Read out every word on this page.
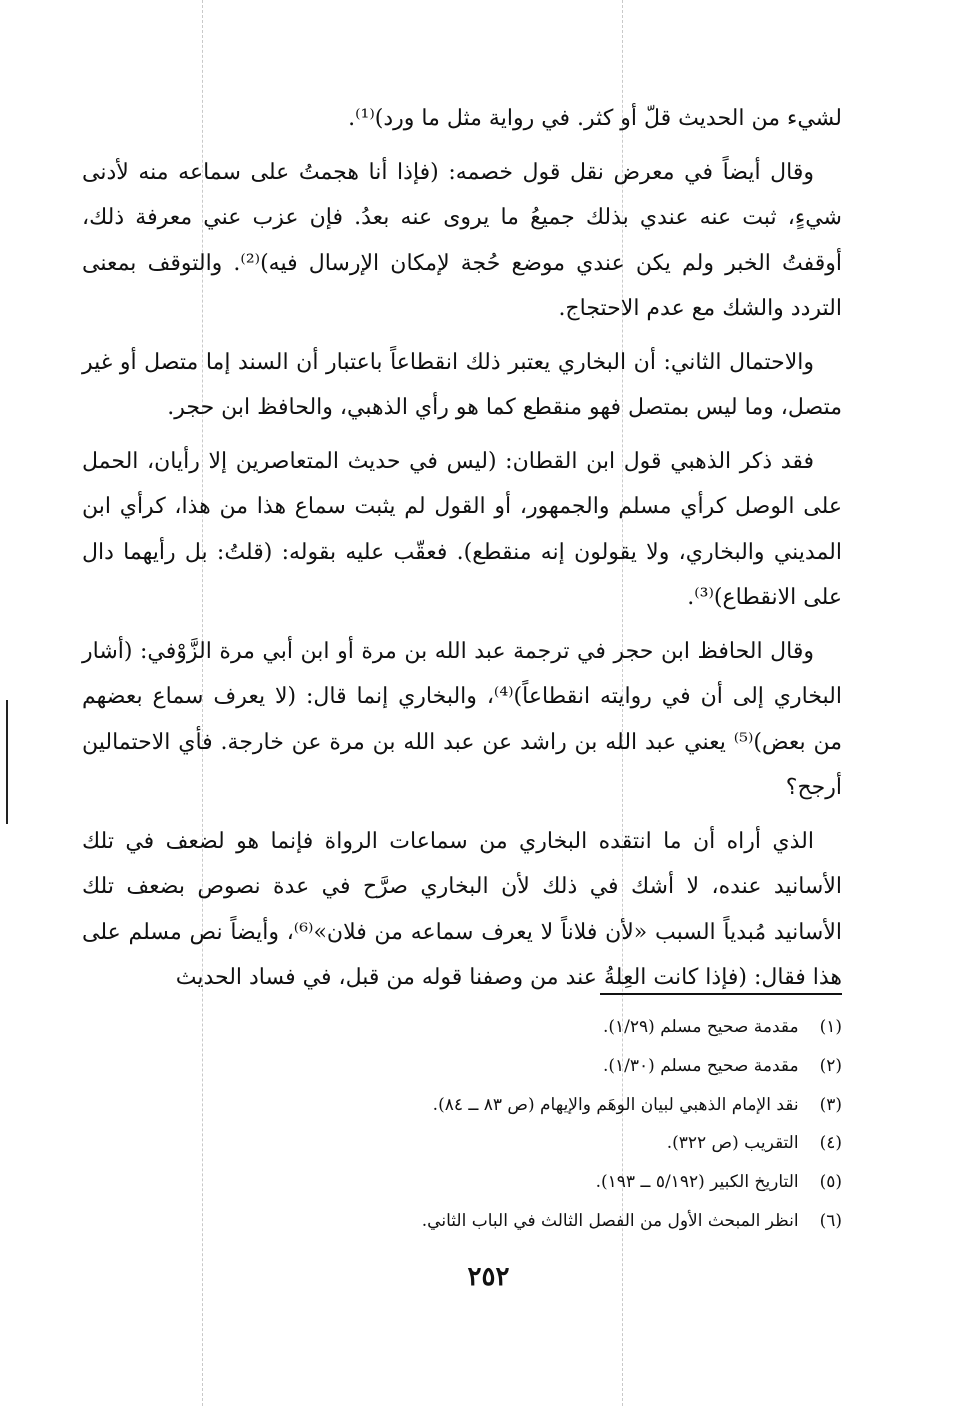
لشيء من الحديث قلّ أو كثر. في رواية مثل ما ورد)⁽¹⁾.

وقال أيضاً في معرض نقل قول خصمه: (فإذا أنا هجمتُ على سماعه منه لأدنى شيءٍ، ثبت عنه عندي بذلك جميعُ ما يروى عنه بعدُ. فإن عزب عني معرفة ذلك، أوقفتُ الخبر ولم يكن عندي موضع حُجة لإمكان الإرسال فيه)⁽²⁾. والتوقف بمعنى التردد والشك مع عدم الاحتجاج.

والاحتمال الثاني: أن البخاري يعتبر ذلك انقطاعاً باعتبار أن السند إما متصل أو غير متصل، وما ليس بمتصل فهو منقطع كما هو رأي الذهبي، والحافظ ابن حجر.

فقد ذكر الذهبي قول ابن القطان: (ليس في حديث المتعاصرين إلا رأيان، الحمل على الوصل كرأي مسلم والجمهور، أو القول لم يثبت سماع هذا من هذا، كرأي ابن المديني والبخاري، ولا يقولون إنه منقطع). فعقّب عليه بقوله: (قلتُ: بل رأيهما دال على الانقطاع)⁽³⁾.

وقال الحافظ ابن حجر في ترجمة عبد الله بن مرة أو ابن أبي مرة الزَّوْفي: (أشار البخاري إلى أن في روايته انقطاعاً)⁽⁴⁾، والبخاري إنما قال: (لا يعرف سماع بعضهم من بعض)⁽⁵⁾ يعني عبد الله بن راشد عن عبد الله بن مرة عن خارجة. فأي الاحتمالين أرجح؟

الذي أراه أن ما انتقده البخاري من سماعات الرواة فإنما هو لضعف في تلك الأسانيد عنده، لا أشك في ذلك لأن البخاري صرَّح في عدة نصوص بضعف تلك الأسانيد مُبدياً السبب «لأن فلاناً لا يعرف سماعه من فلان»⁽⁶⁾، وأيضاً نص مسلم على هذا فقال: (فإذا كانت العِلةُ عند من وصفنا قوله من قبل، في فساد الحديث

(١) مقدمة صحيح مسلم (١/٢٩).

(٢) مقدمة صحيح مسلم (١/٣٠).

(٣) نقد الإمام الذهبي لبيان الوهَم والإيهام (ص ٨٣ ــ ٨٤).

(٤) التقريب (ص ٣٢٢).

(٥) التاريخ الكبير (٥/١٩٢ ــ ١٩٣).

(٦) انظر المبحث الأول من الفصل الثالث في الباب الثاني.

٢٥٢
